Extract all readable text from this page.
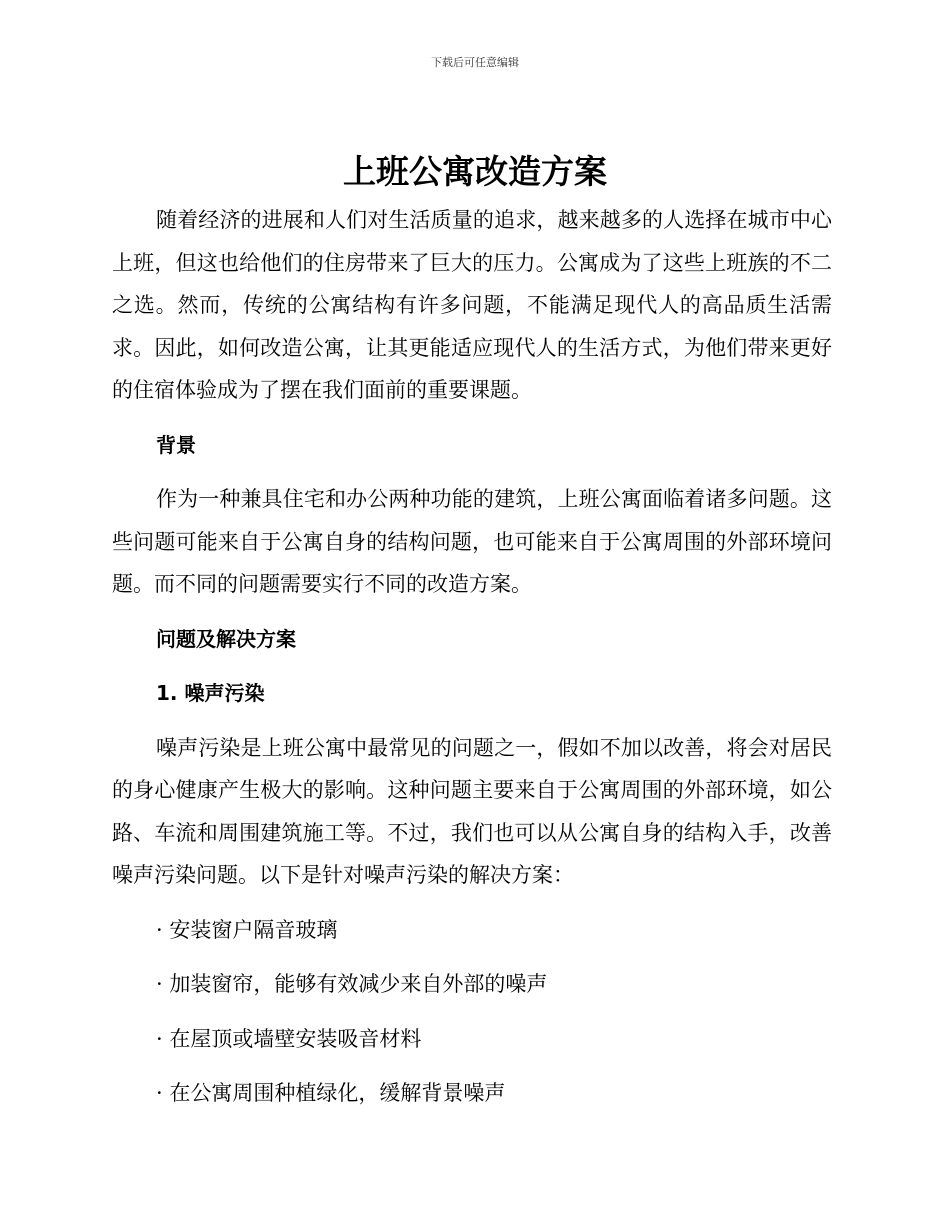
下载后可任意编辑
上班公寓改造方案

随着经济的进展和人们对生活质量的追求，越来越多的人选择在城市中心上班，但这也给他们的住房带来了巨大的压力。公寓成为了这些上班族的不二之选。然而，传统的公寓结构有许多问题，不能满足现代人的高品质生活需求。因此，如何改造公寓，让其更能适应现代人的生活方式，为他们带来更好的住宿体验成为了摆在我们面前的重要课题。

背景

作为一种兼具住宅和办公两种功能的建筑，上班公寓面临着诸多问题。这些问题可能来自于公寓自身的结构问题，也可能来自于公寓周围的外部环境问题。而不同的问题需要实行不同的改造方案。

问题及解决方案

1. 噪声污染

噪声污染是上班公寓中最常见的问题之一，假如不加以改善，将会对居民的身心健康产生极大的影响。这种问题主要来自于公寓周围的外部环境，如公路、车流和周围建筑施工等。不过，我们也可以从公寓自身的结构入手，改善噪声污染问题。以下是针对噪声污染的解决方案：

· 安装窗户隔音玻璃

· 加装窗帘，能够有效减少来自外部的噪声

· 在屋顶或墙壁安装吸音材料

· 在公寓周围种植绿化，缓解背景噪声
